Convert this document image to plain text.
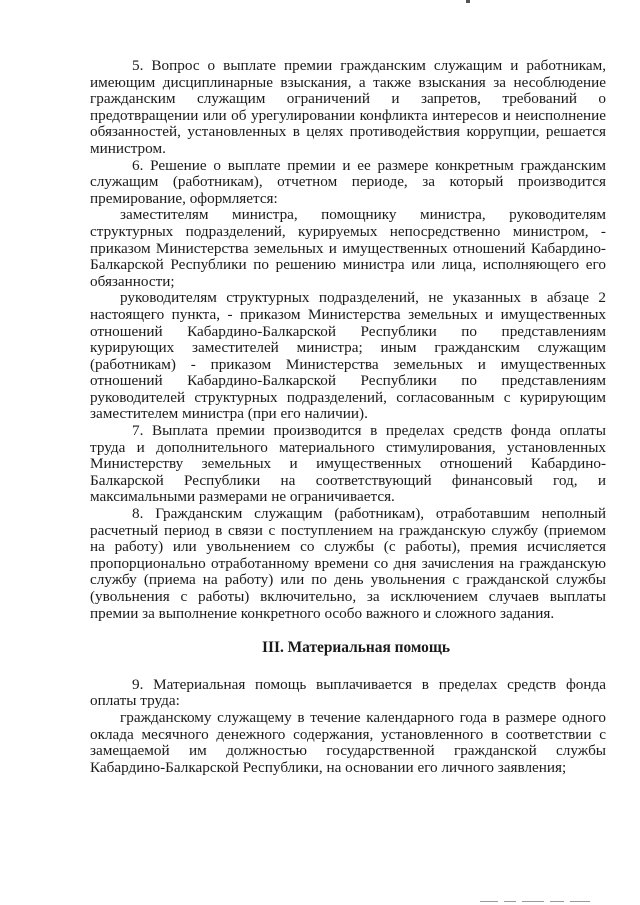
5. Вопрос о выплате премии гражданским служащим и работникам, имеющим дисциплинарные взыскания, а также взыскания за несоблюдение гражданским служащим ограничений и запретов, требований о предотвращении или об урегулировании конфликта интересов и неисполнение обязанностей, установленных в целях противодействия коррупции, решается министром.

6. Решение о выплате премии и ее размере конкретным гражданским служащим (работникам), отчетном периоде, за который производится премирование, оформляется:

заместителям министра, помощнику министра, руководителям структурных подразделений, курируемых непосредственно министром, - приказом Министерства земельных и имущественных отношений Кабардино-Балкарской Республики по решению министра или лица, исполняющего его обязанности;

руководителям структурных подразделений, не указанных в абзаце 2 настоящего пункта, - приказом Министерства земельных и имущественных отношений Кабардино-Балкарской Республики по представлениям курирующих заместителей министра; иным гражданским служащим (работникам) - приказом Министерства земельных и имущественных отношений Кабардино-Балкарской Республики по представлениям руководителей структурных подразделений, согласованным с курирующим заместителем министра (при его наличии).

7. Выплата премии производится в пределах средств фонда оплаты труда и дополнительного материального стимулирования, установленных Министерству земельных и имущественных отношений Кабардино-Балкарской Республики на соответствующий финансовый год, и максимальными размерами не ограничивается.

8. Гражданским служащим (работникам), отработавшим неполный расчетный период в связи с поступлением на гражданскую службу (приемом на работу) или увольнением со службы (с работы), премия исчисляется пропорционально отработанному времени со дня зачисления на гражданскую службу (приема на работу) или по день увольнения с гражданской службы (увольнения с работы) включительно, за исключением случаев выплаты премии за выполнение конкретного особо важного и сложного задания.

III. Материальная помощь

9. Материальная помощь выплачивается в пределах средств фонда оплаты труда:

гражданскому служащему в течение календарного года в размере одного оклада месячного денежного содержания, установленного в соответствии с замещаемой им должностью государственной гражданской службы Кабардино-Балкарской Республики, на основании его личного заявления;
